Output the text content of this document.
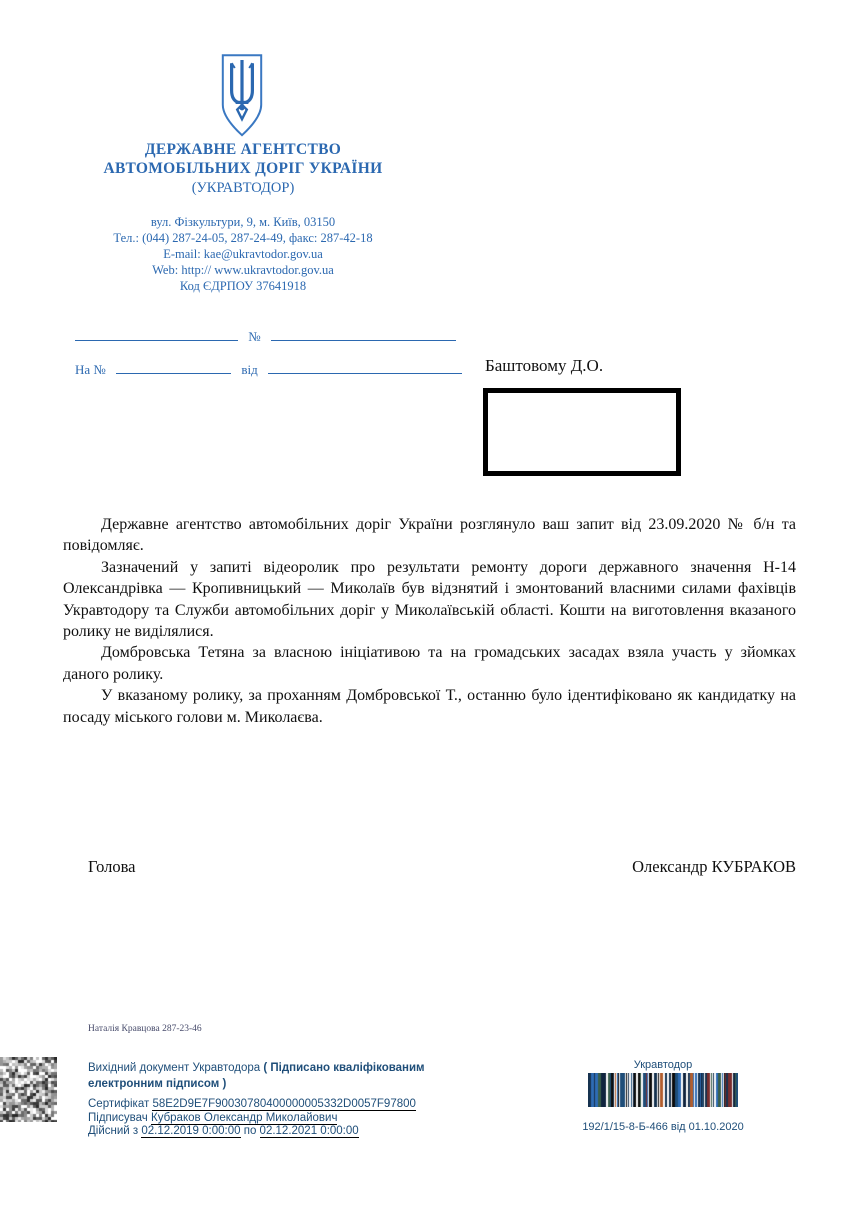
ДЕРЖАВНЕ АГЕНТСТВО
АВТОМОБІЛЬНИХ ДОРІГ УКРАЇНИ
(УКРАВТОДОР)
вул. Фізкультури, 9, м. Київ, 03150
Тел.: (044) 287-24-05, 287-24-49, факс: 287-42-18
E-mail: kae@ukravtodor.gov.ua
Web: http:// www.ukravtodor.gov.ua
Код ЄДРПОУ 37641918
№
На №	від	Баштовому Д.О.

Державне агентство автомобільних доріг України розглянуло ваш запит від 23.09.2020 № б/н та повідомляє.

Зазначений у запиті відеоролик про результати ремонту дороги державного значення Н-14 Олександрівка — Кропивницький — Миколаїв був відзнятий і змонтований власними силами фахівців Укравтодору та Служби автомобільних доріг у Миколаївській області. Кошти на виготовлення вказаного ролику не виділялися.

Домбровська Тетяна за власною ініціативою та на громадських засадах взяла участь у зйомках даного ролику.

У вказаному ролику, за проханням Домбровської Т., останню було ідентифіковано як кандидатку на посаду міського голови м. Миколаєва.

Голова	Олександр КУБРАКОВ
Наталія Кравцова 287-23-46
Вихідний документ Укравтодора ( Підписано кваліфікованим електронним підписом )
Сертифікат 58E2D9E7F90030780400000005332D0057F97800
Підписувач Кубраков Олександр Миколайович
Дійсний з 02.12.2019 0:00:00 по 02.12.2021 0:00:00
Укравтодор
192/1/15-8-Б-466 від 01.10.2020
